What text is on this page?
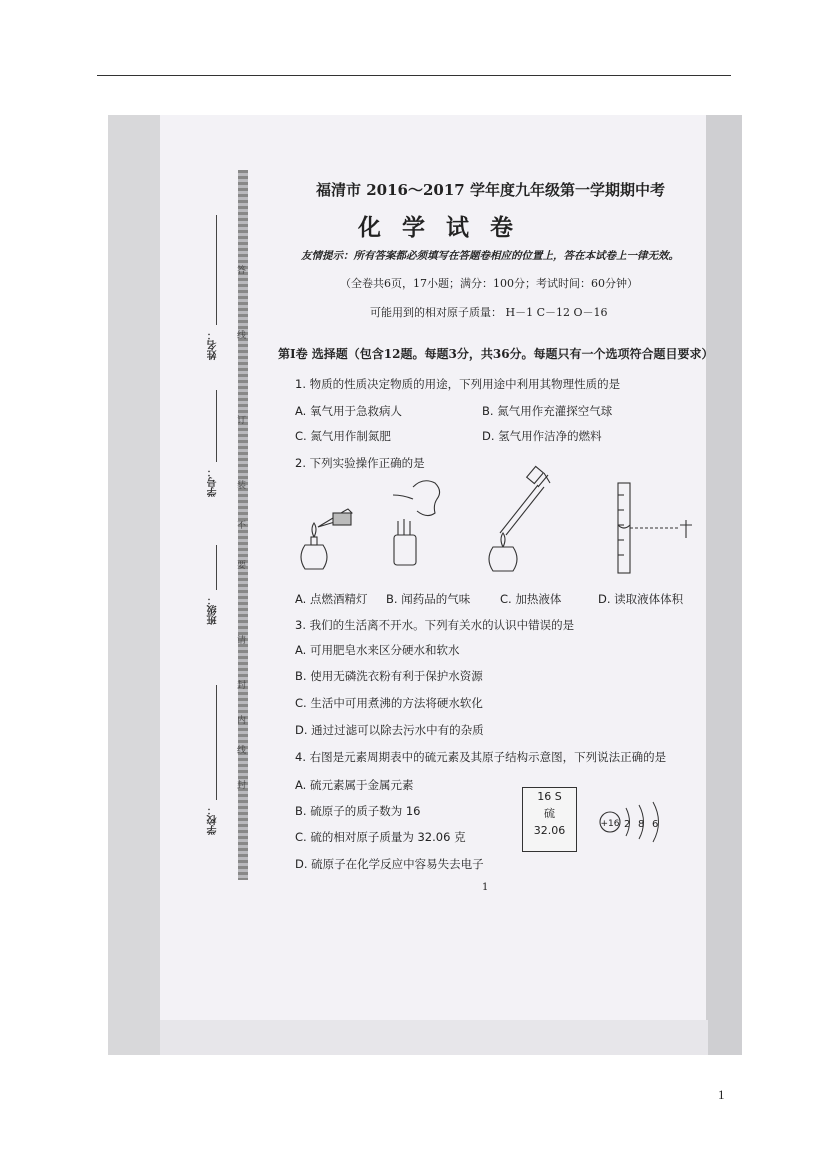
姓名：
学号：
班级：
学校：
答
线
订
装
不
要
请
封
内
线
封
福清市 2016～2017 学年度九年级第一学期期中考
化学试卷
友情提示：所有答案都必须填写在答题卷相应的位置上，答在本试卷上一律无效。
（全卷共6页，17小题；满分：100分；考试时间：60分钟）
可能用到的相对原子质量： H－1 C－12 O－16
第Ⅰ卷 选择题（包含12题。每题3分，共36分。每题只有一个选项符合题目要求）
1. 物质的性质决定物质的用途，下列用途中利用其物理性质的是
A. 氧气用于急救病人	B. 氮气用作充灌探空气球
C. 氮气用作制氮肥	D. 氢气用作洁净的燃料
2. 下列实验操作正确的是
A. 点燃酒精灯 B. 闻药品的气味	C. 加热液体	D. 读取液体体积
3. 我们的生活离不开水。下列有关水的认识中错误的是
A. 可用肥皂水来区分硬水和软水
B. 使用无磷洗衣粉有利于保护水资源
C. 生活中可用煮沸的方法将硬水软化
D. 通过过滤可以除去污水中有的杂质
4. 右图是元素周期表中的硫元素及其原子结构示意图，下列说法正确的是
A. 硫元素属于金属元素
B. 硫原子的质子数为 16
C. 硫的相对原子质量为 32.06 克
D. 硫原子在化学反应中容易失去电子
16 S
硫
32.06	+16 2 8 6
1
1
